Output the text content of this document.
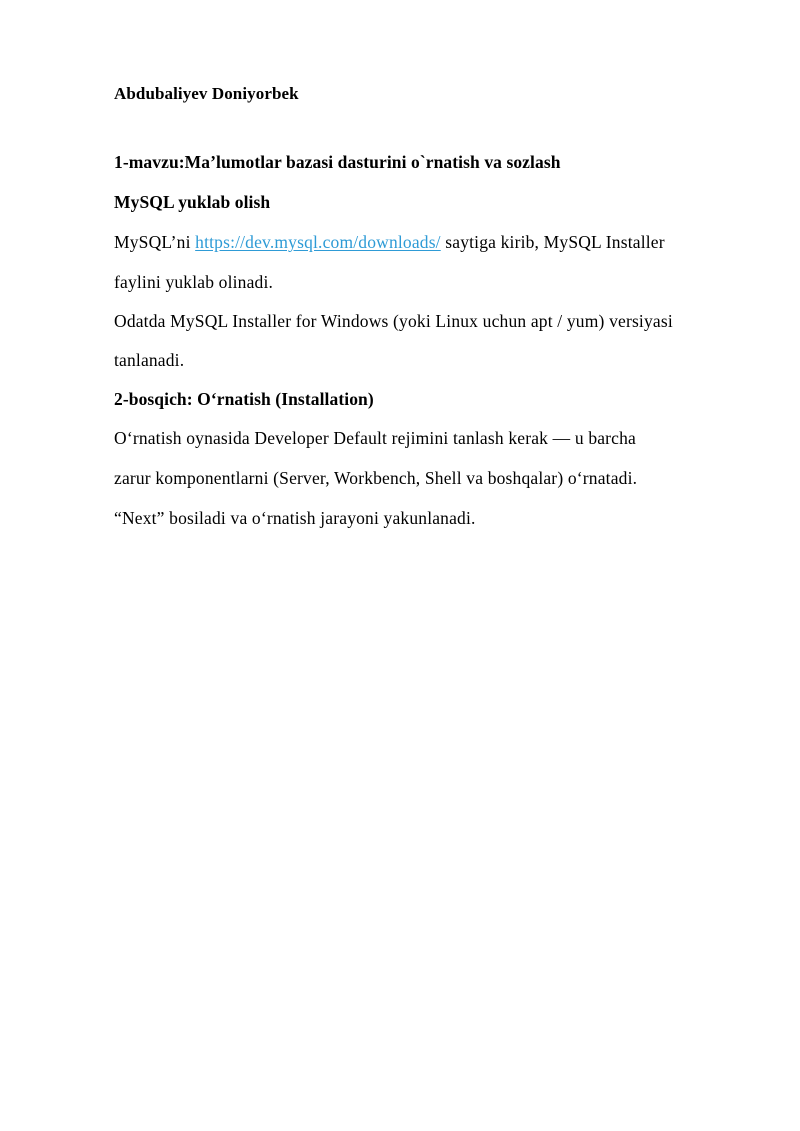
Abdubaliyev Doniyorbek
1-mavzu:Ma’lumotlar bazasi dasturini o`rnatish va sozlash
MySQL yuklab olish
MySQL’ni https://dev.mysql.com/downloads/ saytiga kirib, MySQL Installer
faylini yuklab olinadi.
Odatda MySQL Installer for Windows (yoki Linux uchun apt / yum) versiyasi
tanlanadi.
2-bosqich: O‘rnatish (Installation)
O‘rnatish oynasida Developer Default rejimini tanlash kerak — u barcha
zarur komponentlarni (Server, Workbench, Shell va boshqalar) o‘rnatadi.
“Next” bosiladi va o‘rnatish jarayoni yakunlanadi.
